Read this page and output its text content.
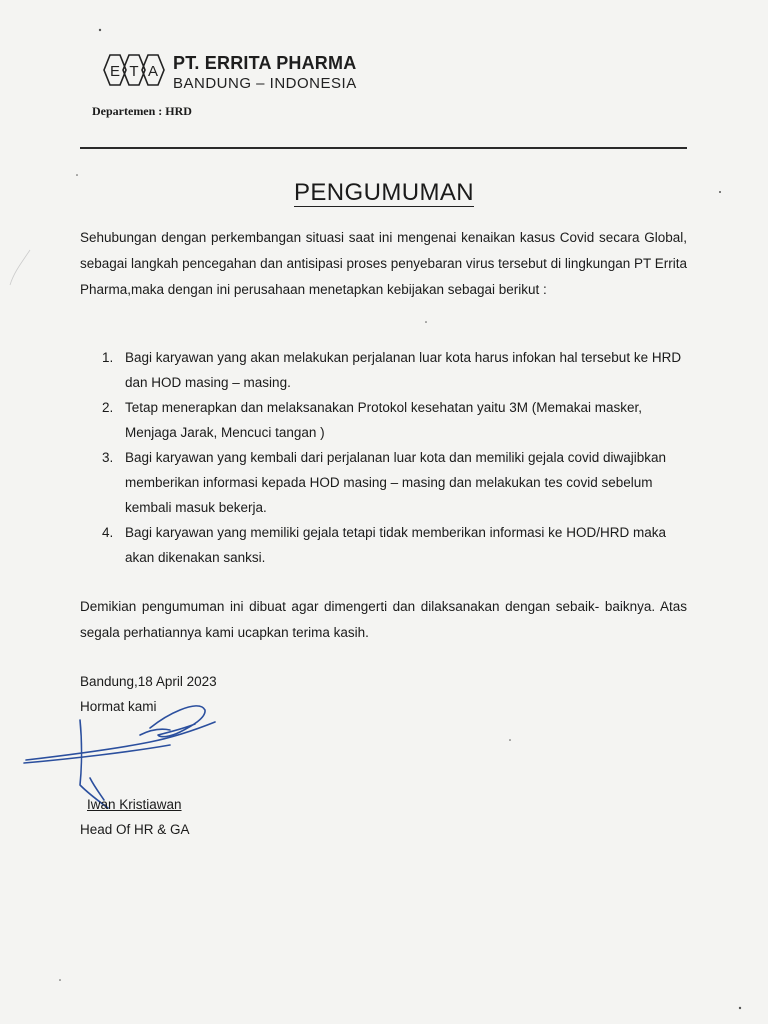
E T A PT. ERRITA PHARMA
BANDUNG – INDONESIA
Departemen : HRD
PENGUMUMAN
Sehubungan dengan perkembangan situasi saat ini mengenai kenaikan kasus Covid secara Global, sebagai langkah pencegahan dan antisipasi proses penyebaran virus tersebut di lingkungan PT Errita Pharma,maka dengan ini perusahaan menetapkan kebijakan sebagai berikut :
1. Bagi karyawan yang akan melakukan perjalanan luar kota harus infokan hal tersebut ke HRD dan HOD masing – masing.
2. Tetap menerapkan dan melaksanakan Protokol kesehatan yaitu 3M (Memakai masker, Menjaga Jarak, Mencuci tangan )
3. Bagi karyawan yang kembali dari perjalanan luar kota dan memiliki gejala covid diwajibkan memberikan informasi kepada HOD masing – masing dan melakukan tes covid sebelum kembali masuk bekerja.
4. Bagi karyawan yang memiliki gejala tetapi tidak memberikan informasi ke HOD/HRD maka akan dikenakan sanksi.
Demikian pengumuman ini dibuat agar dimengerti dan dilaksanakan dengan sebaik- baiknya. Atas segala perhatiannya kami ucapkan terima kasih.
Bandung,18 April 2023
Hormat kami
Iwan Kristiawan
Head Of HR & GA
